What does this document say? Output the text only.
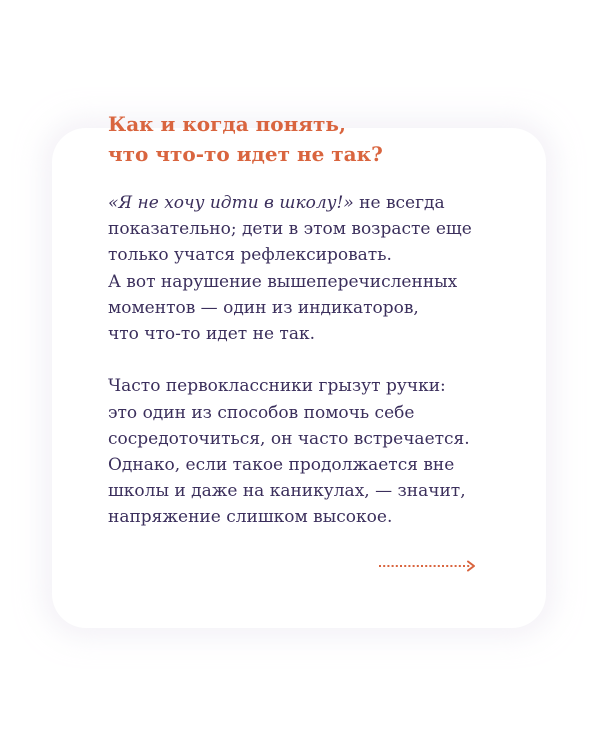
Как и когда понять,
что что-то идет не так?
«Я не хочу идти в школу!» не всегда
показательно; дети в этом возрасте еще
только учатся рефлексировать.
А вот нарушение вышеперечисленных
моментов — один из индикаторов,
что что-то идет не так.
Часто первоклассники грызут ручки:
это один из способов помочь себе
сосредоточиться, он часто встречается.
Однако, если такое продолжается вне
школы и даже на каникулах, — значит,
напряжение слишком высокое.
